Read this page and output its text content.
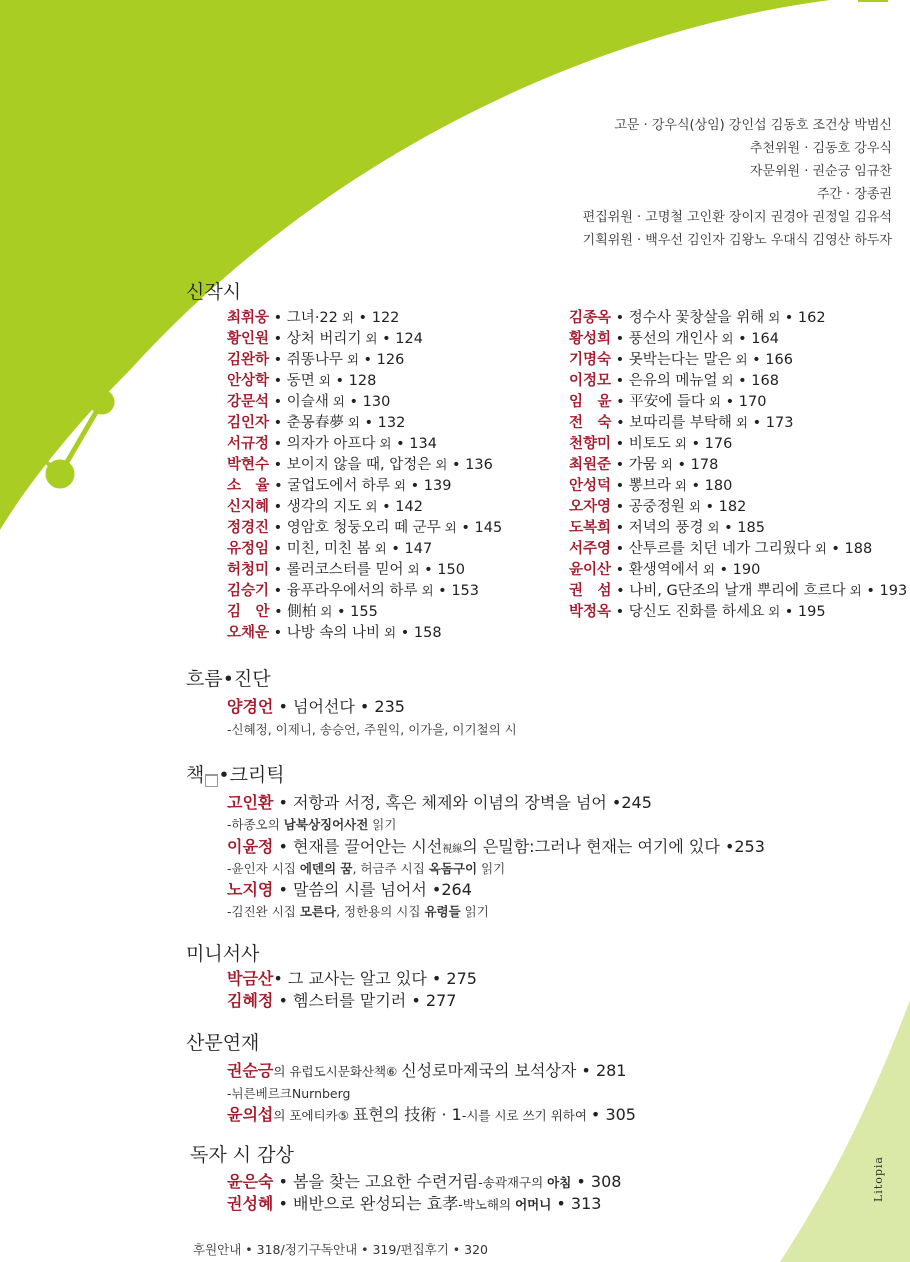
고문 · 강우식(상임) 강인섭 김동호 조건상 박범신
추천위원 · 김동호 강우식
자문위원 · 권순긍 임규찬
주간 · 장종권
편집위원 · 고명철 고인환 장이지 권경아 권정일 김유석
기획위원 · 백우선 김인자 김왕노 우대식 김영산 하두자
신작시
최휘웅 • 그녀·22 외 • 122
황인원 • 상처 버리기 외 • 124
김완하 • 쥐똥나무 외 • 126
안상학 • 동면 외 • 128
강문석 • 이슬새 외 • 130
김인자 • 춘몽春夢 외 • 132
서규정 • 의자가 아프다 외 • 134
박현수 • 보이지 않을 때, 압정은 외 • 136
소　율 • 굴업도에서 하루 외 • 139
신지혜 • 생각의 지도 외 • 142
정경진 • 영암호 청둥오리 떼 군무 외 • 145
유정임 • 미친, 미친 봄 외 • 147
허청미 • 롤러코스터를 믿어 외 • 150
김승기 • 융푸라우에서의 하루 외 • 153
김　안 • 側柏 외 • 155
오채운 • 나방 속의 나비 외 • 158
김종옥 • 정수사 꽃창살을 위해 외 • 162
황성희 • 풍선의 개인사 외 • 164
기명숙 • 못박는다는 말은 외 • 166
이정모 • 은유의 메뉴얼 외 • 168
임　윤 • 平安에 들다 외 • 170
전　숙 • 보따리를 부탁해 외 • 173
천향미 • 비토도 외 • 176
최원준 • 가뭄 외 • 178
안성덕 • 뽕브라 외 • 180
오자영 • 공중정원 외 • 182
도복희 • 저녁의 풍경 외 • 185
서주영 • 산투르를 치던 네가 그리웠다 외 • 188
윤이산 • 환생역에서 외 • 190
권　섬 • 나비, G단조의 날개 뿌리에 흐르다 외 • 193
박정옥 • 당신도 진화를 하세요 외 • 195
흐름•진단
양경언 • 넘어선다 • 235
-신혜정, 이제니, 송승언, 주원익, 이가을, 이기철의 시
책 •크리틱
고인환 • 저항과 서정, 혹은 체제와 이념의 장벽을 넘어 •245
-하종오의 남북상징어사전 읽기
이윤정 • 현재를 끌어안는 시선視線의 은밀함:그러나 현재는 여기에 있다 •253
-윤인자 시집 에덴의 꿈, 허금주 시집 옥돔구이 읽기
노지영 • 말씀의 시를 넘어서 •264
-김진완 시집 모른다, 정한용의 시집 유령들 읽기
미니서사
박금산• 그 교사는 알고 있다 • 275
김혜정 • 헴스터를 맡기러 • 277
산문연재
권순긍의 유럽도시문화산책⑥ 신성로마제국의 보석상자 • 281
-뉘른베르크Nurnberg
윤의섭의 포에티카⑤ 표현의 技術 · 1-시를 시로 쓰기 위하여 • 305
독자 시 감상
윤은숙 • 봄을 찾는 고요한 수련거림-송곽재구의 아침 • 308
권성혜 • 배반으로 완성되는 효孝-박노해의 어머니 • 313
후원안내 • 318/정기구독안내 • 319/편집후기 • 320
Litopia
